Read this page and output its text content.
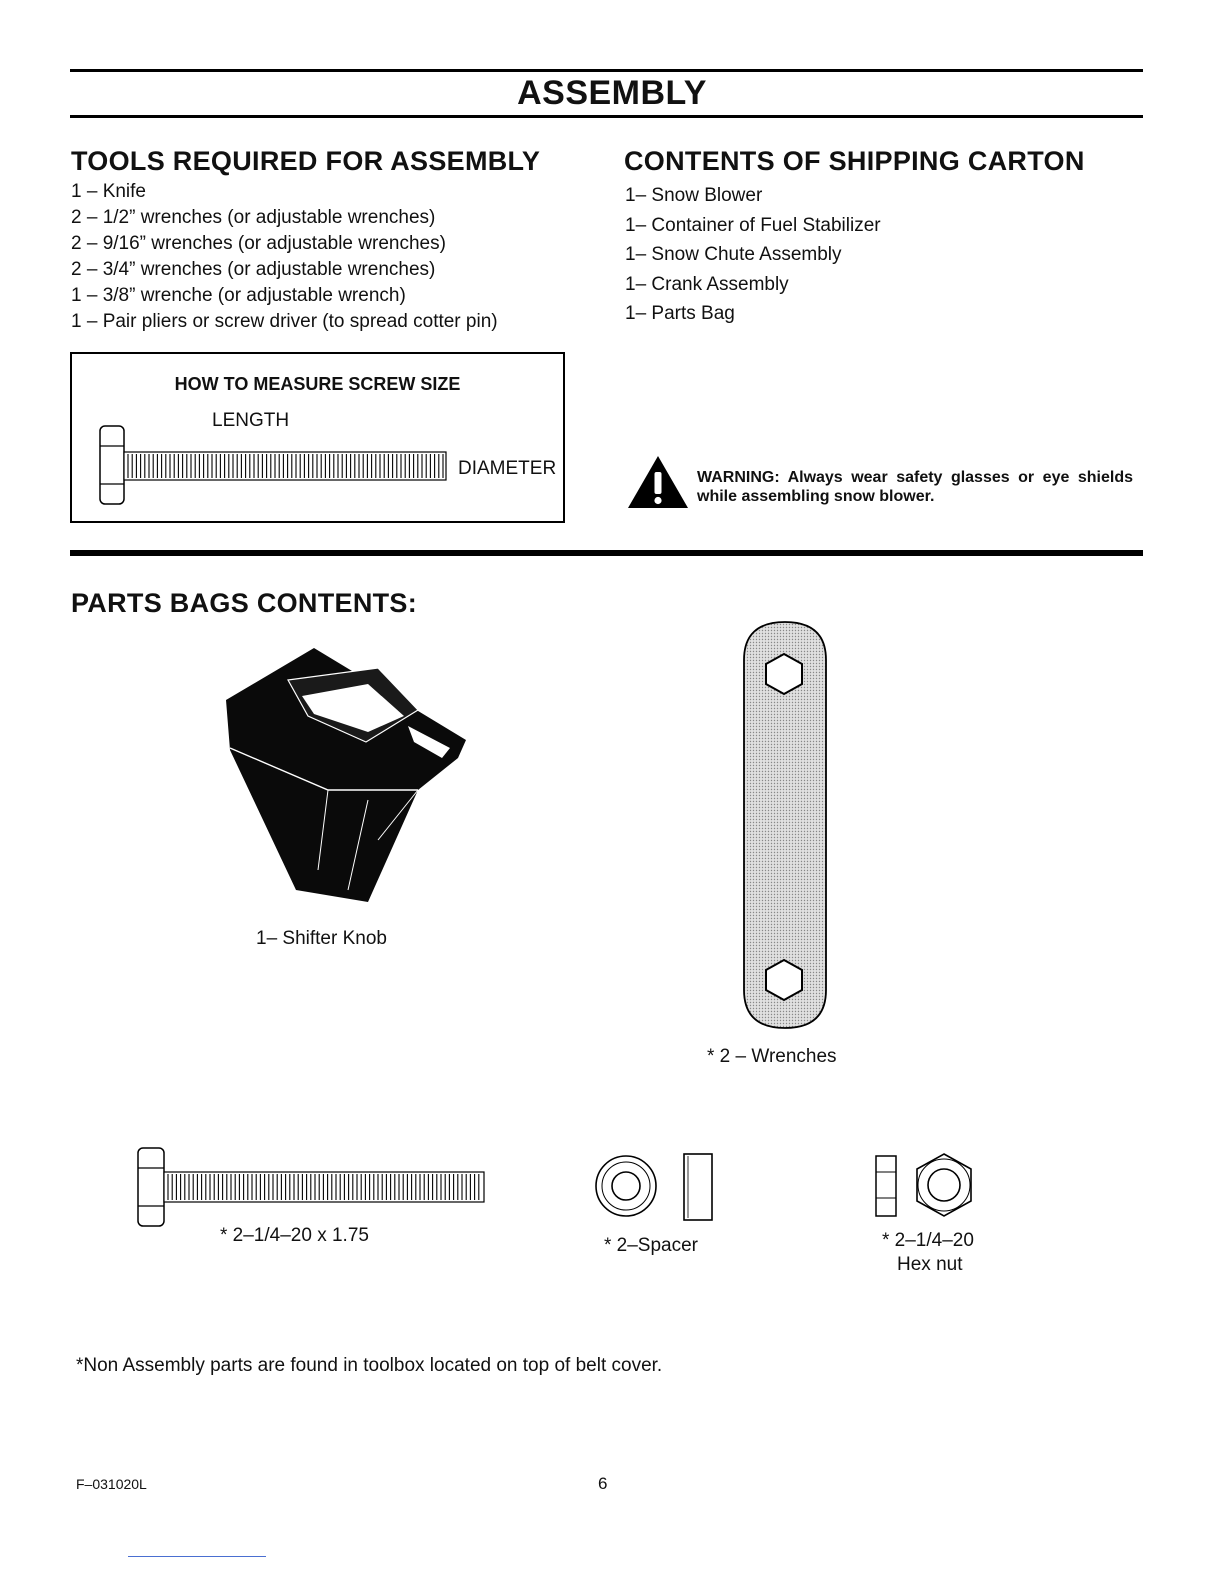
ASSEMBLY
TOOLS REQUIRED FOR ASSEMBLY
1 – Knife
2 – 1/2” wrenches (or adjustable wrenches)
2 – 9/16” wrenches (or adjustable wrenches)
2 – 3/4” wrenches (or adjustable wrenches)
1 – 3/8” wrenche (or adjustable wrench)
1 – Pair pliers or screw driver (to spread cotter pin)
CONTENTS OF SHIPPING CARTON
1– Snow Blower
1– Container of Fuel Stabilizer
1– Snow Chute Assembly
1– Crank Assembly
1– Parts Bag
HOW TO MEASURE SCREW SIZE
LENGTH
DIAMETER	WARNING: Always wear safety glasses or eye shields while assembling snow blower.
PARTS BAGS CONTENTS:
1– Shifter Knob
* 2 – Wrenches
* 2–1/4–20 x 1.75	* 2–Spacer	* 2–1/4–20
Hex nut
*Non Assembly parts are found in toolbox located on top of belt cover.
F–031020L	6
